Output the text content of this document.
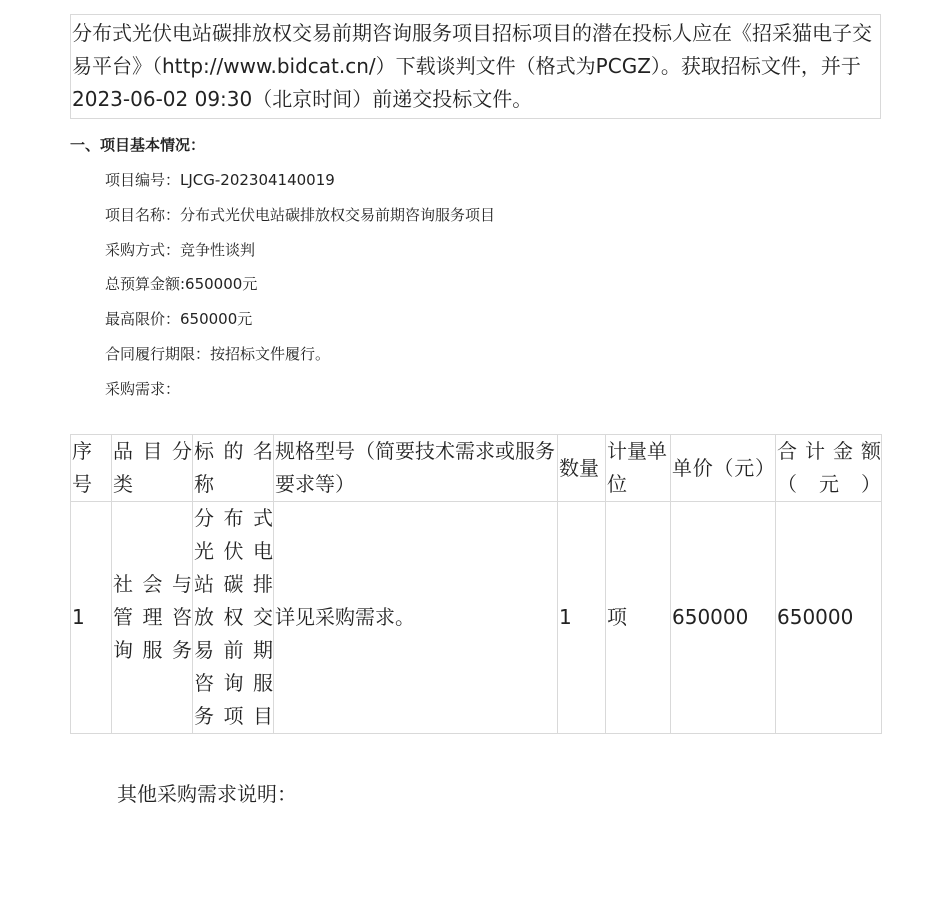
分布式光伏电站碳排放权交易前期咨询服务项目招标项目的潜在投标人应在《招采猫电子交易平台》（http://www.bidcat.cn/）下载谈判文件（格式为PCGZ）。获取招标文件，并于2023-06-02 09:30（北京时间）前递交投标文件。
一、项目基本情况：
项目编号：LJCG-202304140019
项目名称：分布式光伏电站碳排放权交易前期咨询服务项目
采购方式：竞争性谈判
总预算金额:650000元
最高限价：650000元
合同履行期限：按招标文件履行。
采购需求：
序号	品目分类	标的名称	规格型号（简要技术需求或服务要求等）	数量	计量单位	单价（元）	合计金额（元）
1	社会与管理咨询服务	分布式光伏电站碳排放权交易前期咨询服务项目	详见采购需求。	1	项	650000	650000
其他采购需求说明：
